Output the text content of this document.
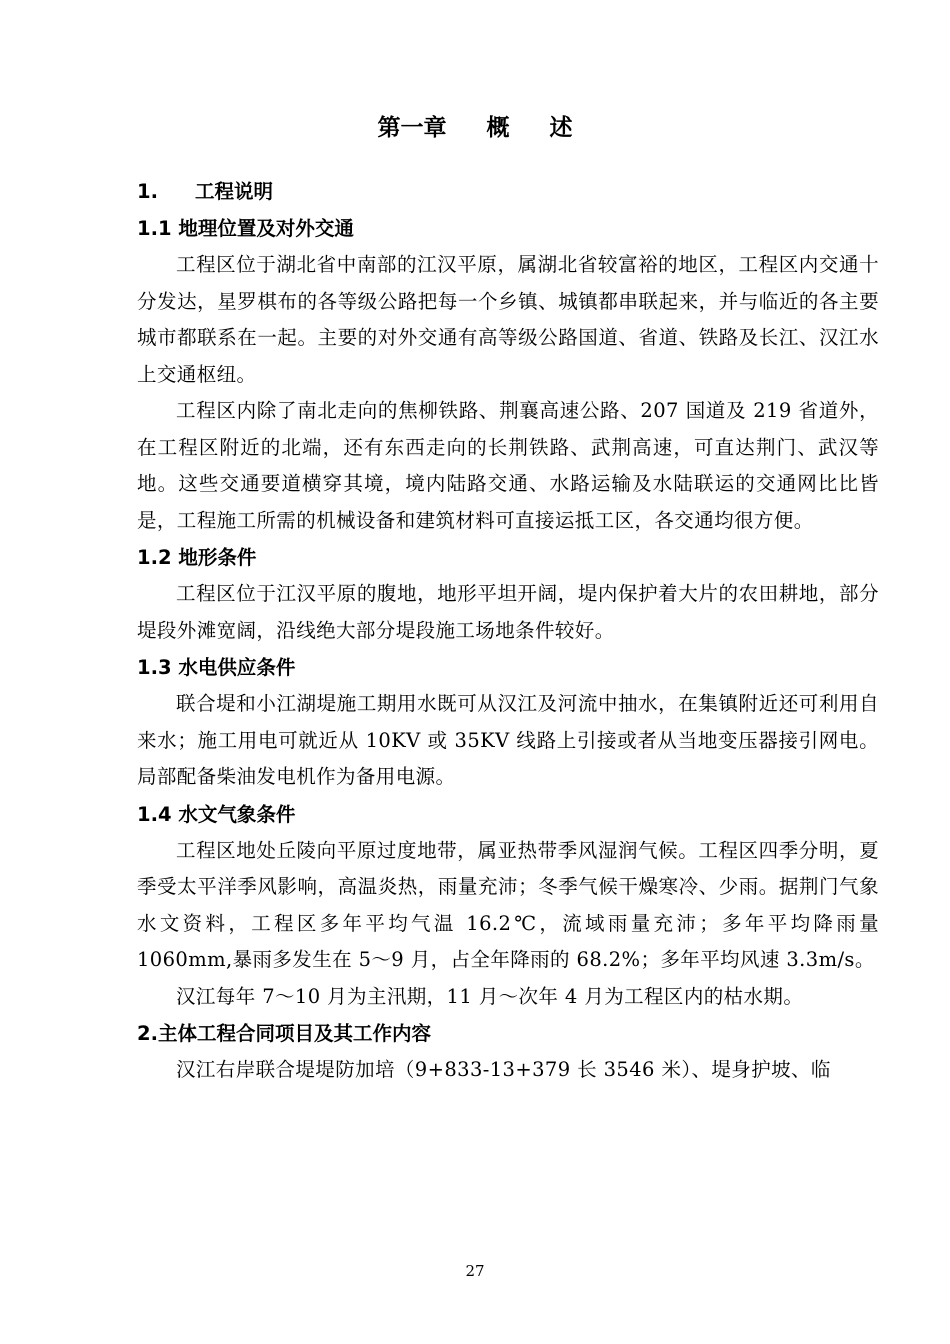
第一章 概 述
1. 工程说明
1.1 地理位置及对外交通
工程区位于湖北省中南部的江汉平原，属湖北省较富裕的地区，工程区内交通十分发达，星罗棋布的各等级公路把每一个乡镇、城镇都串联起来，并与临近的各主要城市都联系在一起。主要的对外交通有高等级公路国道、省道、铁路及长江、汉江水上交通枢纽。
工程区内除了南北走向的焦柳铁路、荆襄高速公路、207 国道及 219 省道外，在工程区附近的北端，还有东西走向的长荆铁路、武荆高速，可直达荆门、武汉等地。这些交通要道横穿其境，境内陆路交通、水路运输及水陆联运的交通网比比皆是，工程施工所需的机械设备和建筑材料可直接运抵工区，各交通均很方便。
1.2 地形条件
工程区位于江汉平原的腹地，地形平坦开阔，堤内保护着大片的农田耕地，部分堤段外滩宽阔，沿线绝大部分堤段施工场地条件较好。
1.3 水电供应条件
联合堤和小江湖堤施工期用水既可从汉江及河流中抽水，在集镇附近还可利用自来水；施工用电可就近从 10KV 或 35KV 线路上引接或者从当地变压器接引网电。局部配备柴油发电机作为备用电源。
1.4 水文气象条件
工程区地处丘陵向平原过度地带，属亚热带季风湿润气候。工程区四季分明，夏季受太平洋季风影响，高温炎热，雨量充沛；冬季气候干燥寒冷、少雨。据荆门气象水文资料，工程区多年平均气温 16.2℃，流域雨量充沛；多年平均降雨量 1060mm,暴雨多发生在 5～9 月，占全年降雨的 68.2%；多年平均风速 3.3m/s。
汉江每年 7～10 月为主汛期，11 月～次年 4 月为工程区内的枯水期。
2.主体工程合同项目及其工作内容
汉江右岸联合堤堤防加培（9+833-13+379 长 3546 米）、堤身护坡、临
27
